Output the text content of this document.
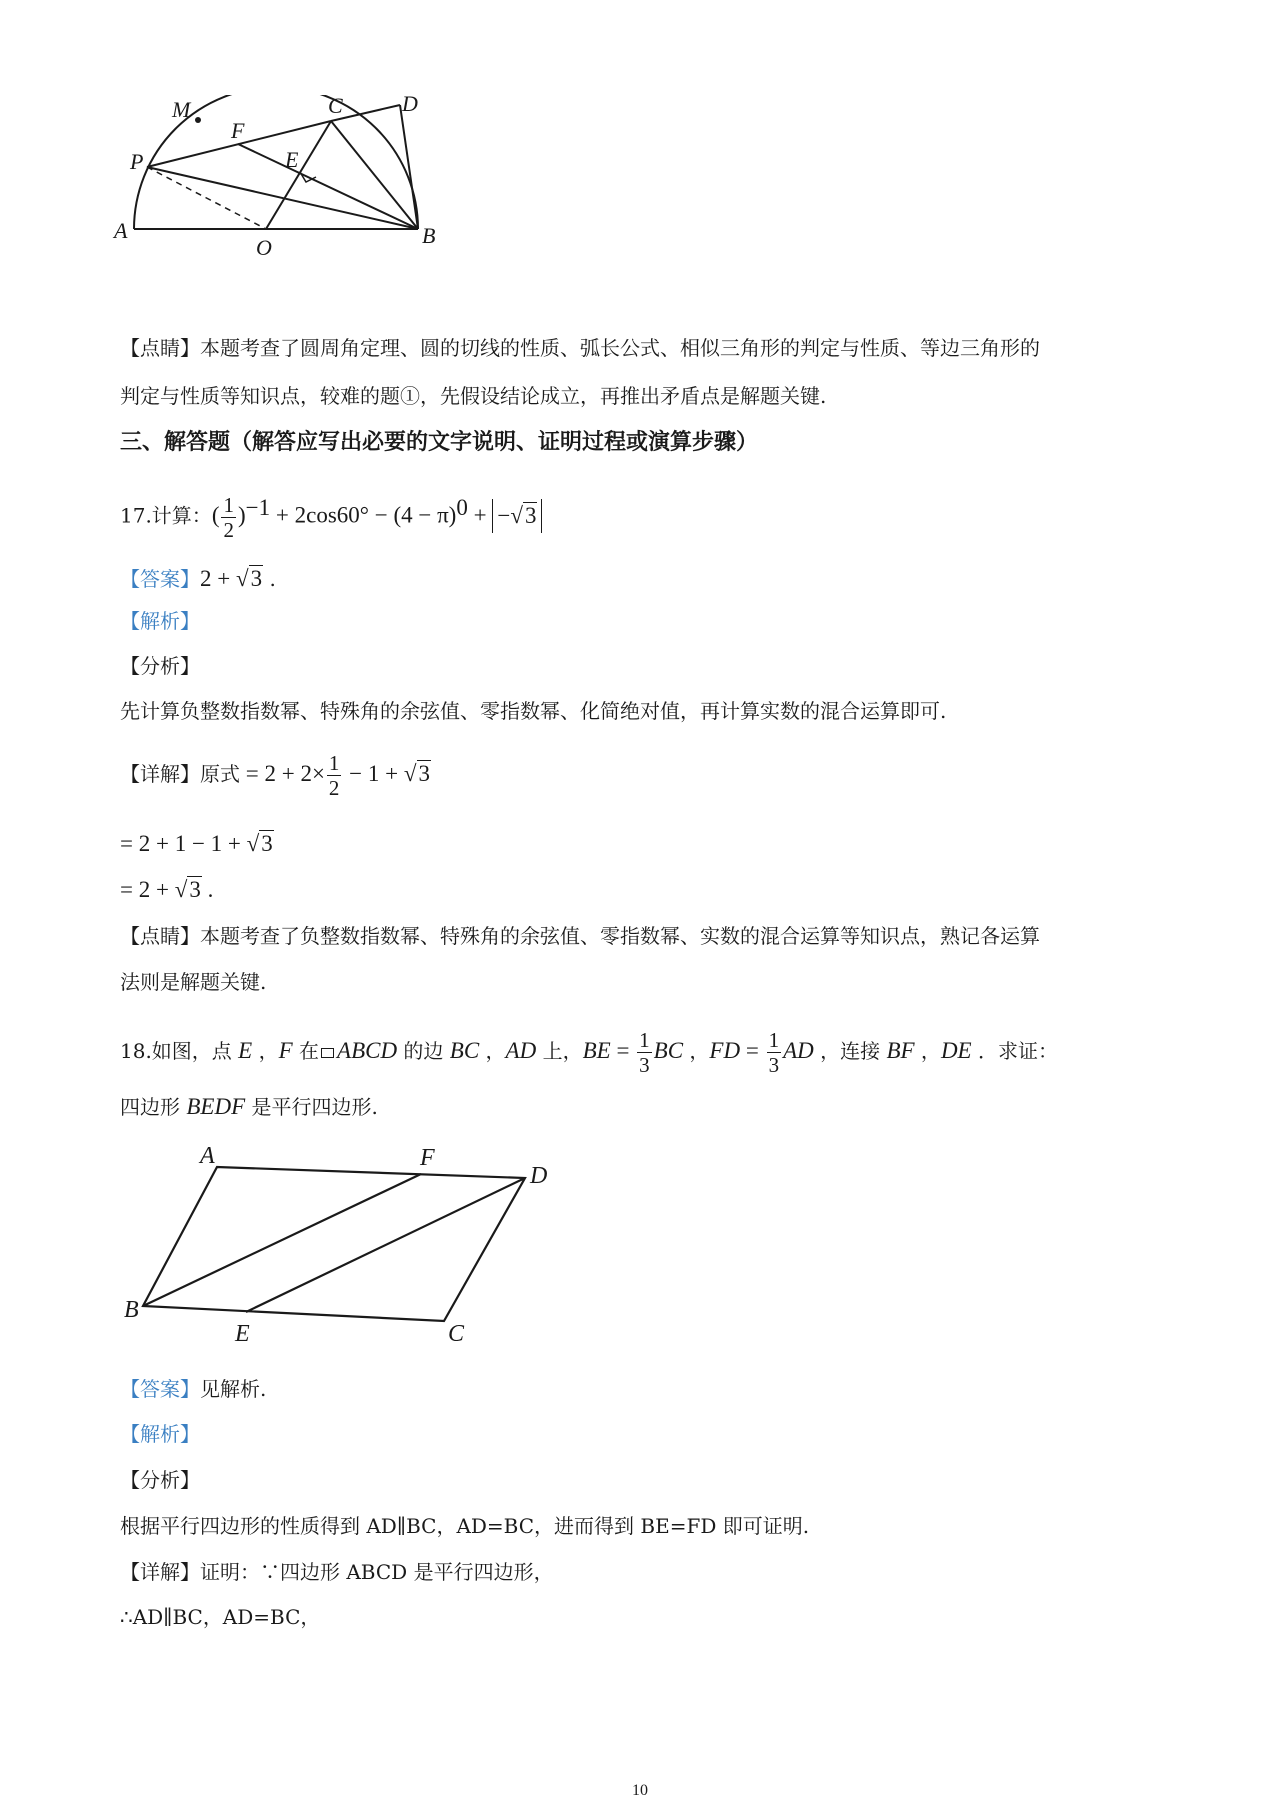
M	C	D
F
P	E
A
O	B
【点睛】本题考查了圆周角定理、圆的切线的性质、弧长公式、相似三角形的判定与性质、等边三角形的
判定与性质等知识点，较难的题①，先假设结论成立，再推出矛盾点是解题关键.
三、解答题（解答应写出必要的文字说明、证明过程或演算步骤）
17.计算：( $\frac{1}{2} )^{-1} + 2\cos 60^\circ - (4 - \pi)^0 + -√3$
【答案】2 + √3 .
【解析】
【分析】
先计算负整数指数幂、特殊角的余弦值、零指数幂、化简绝对值，再计算实数的混合运算即可.
【详解】原式 = $2 + 2\times \frac{1}{2} - 1 + √3$
= 2 + 1 − 1 + √3
= 2 + √3 .
【点睛】本题考查了负整数指数幂、特殊角的余弦值、零指数幂、实数的混合运算等知识点，熟记各运算
法则是解题关键.
18.如图，点 E ，F 在 ABCD 的边 BC ，AD 上，BE = $\frac{1}{3}$ BC ，FD = $\frac{1}{3}$ AD ，连接 BF ，DE ．求证：
四边形 BEDF 是平行四边形.
A	F
D
B
E	C
【答案】见解析.
【解析】
【分析】
根据平行四边形的性质得到 AD∥BC，AD=BC，进而得到 BE=FD 即可证明.
【详解】证明：∵四边形 ABCD 是平行四边形，
∴AD∥BC，AD=BC，
10
